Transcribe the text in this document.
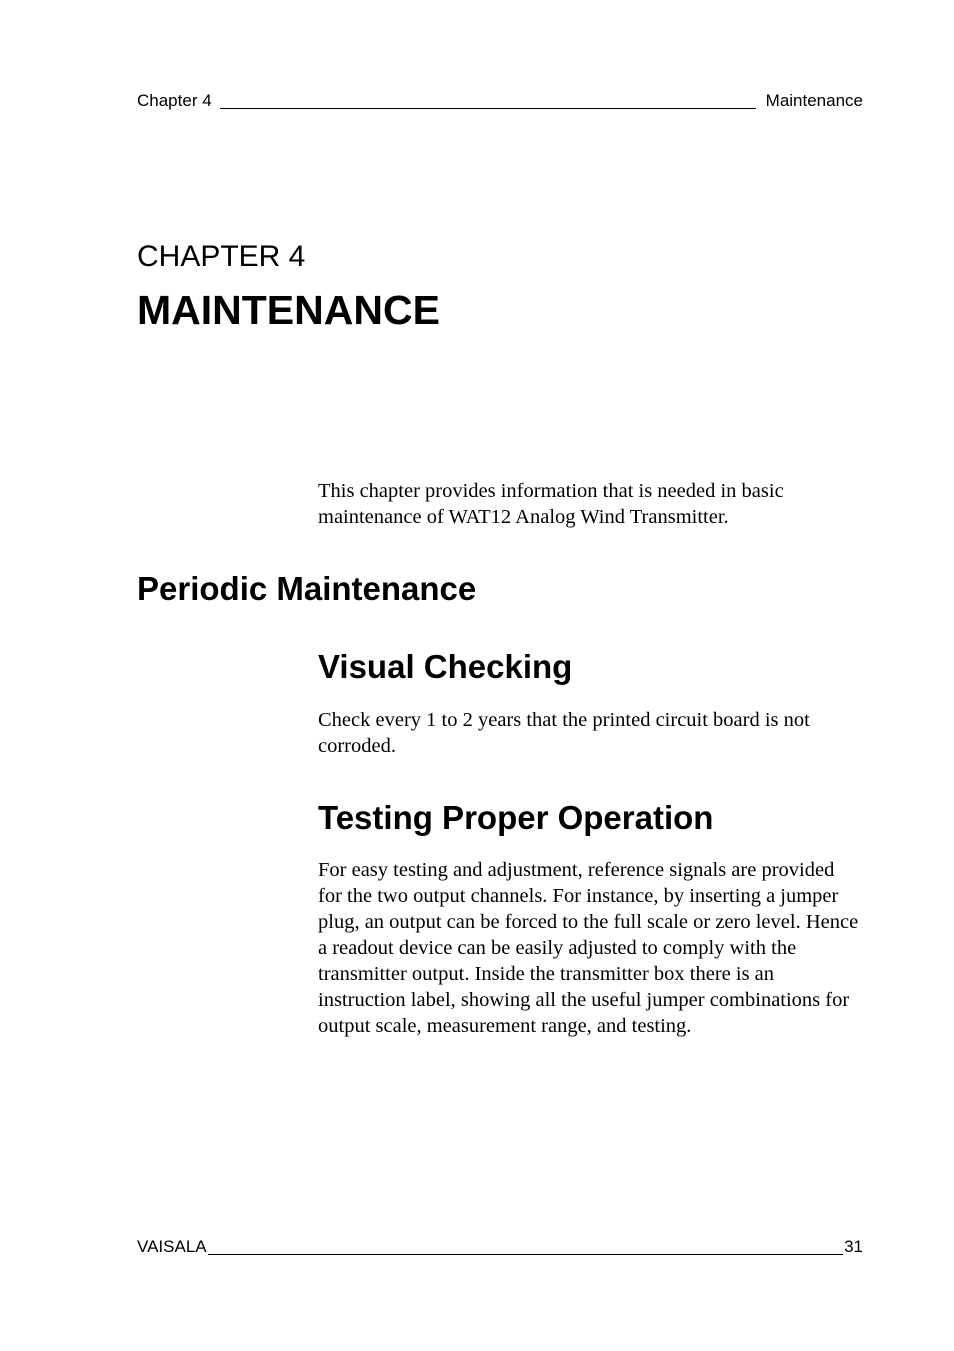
Chapter 4	Maintenance
CHAPTER 4
MAINTENANCE

This chapter provides information that is needed in basic maintenance of WAT12 Analog Wind Transmitter.

Periodic Maintenance
Visual Checking

Check every 1 to 2 years that the printed circuit board is not corroded.

Testing Proper Operation

For easy testing and adjustment, reference signals are provided for the two output channels. For instance, by inserting a jumper plug, an output can be forced to the full scale or zero level. Hence a readout device can be easily adjusted to comply with the transmitter output. Inside the transmitter box there is an instruction label, showing all the useful jumper combinations for output scale, measurement range, and testing.

VAISALA	31
